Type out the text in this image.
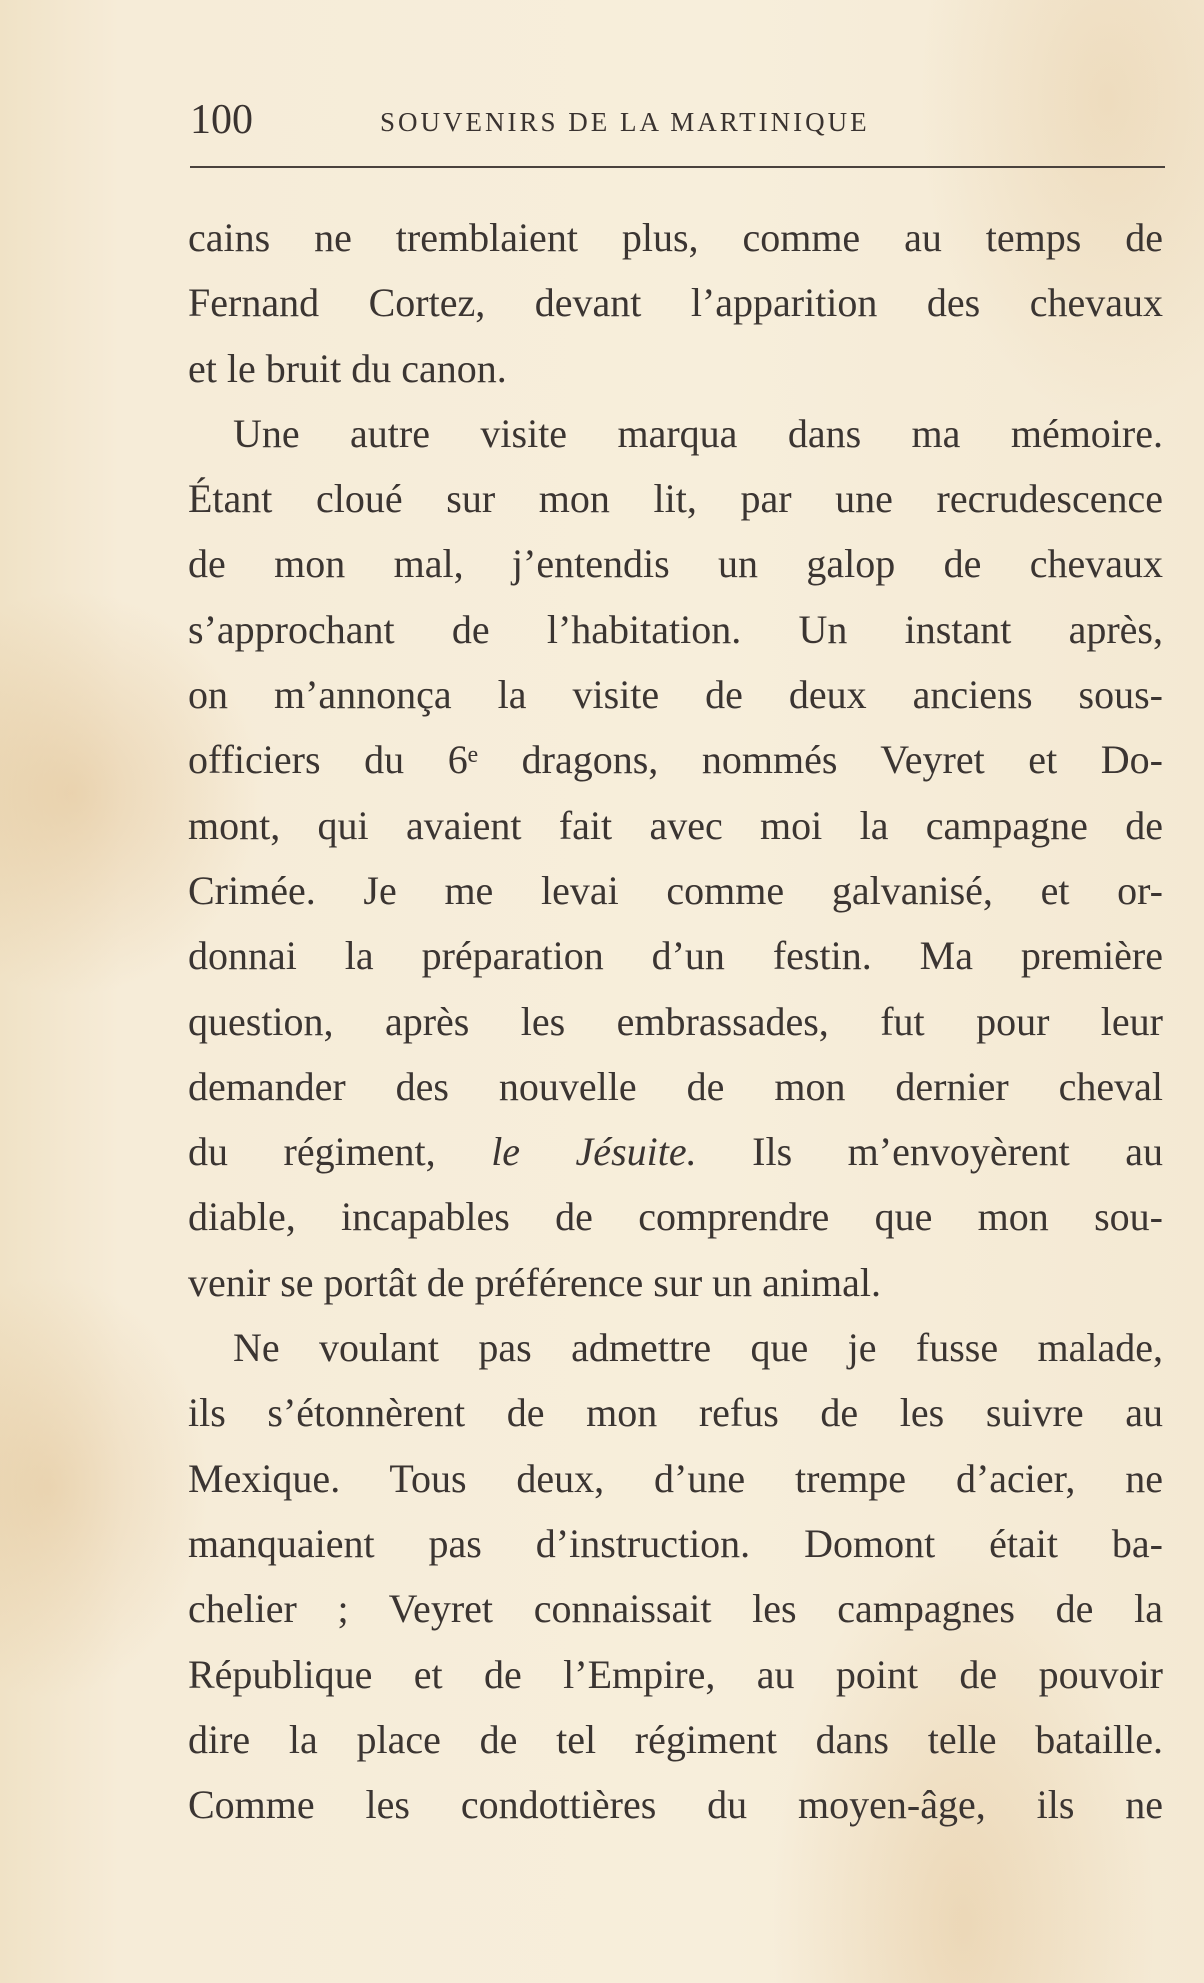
100	SOUVENIRS DE LA MARTINIQUE
cains ne tremblaient plus, comme au temps de
Fernand Cortez, devant l’apparition des chevaux
et le bruit du canon.
Une autre visite marqua dans ma mémoire.
Étant cloué sur mon lit, par une recrudescence
de mon mal, j’entendis un galop de chevaux
s’approchant de l’habitation. Un instant après,
on m’annonça la visite de deux anciens sous-
officiers du 6ᵉ dragons, nommés Veyret et Do-
mont, qui avaient fait avec moi la campagne de
Crimée. Je me levai comme galvanisé, et or-
donnai la préparation d’un festin. Ma première
question, après les embrassades, fut pour leur
demander des nouvelle de mon dernier cheval
du régiment, le Jésuite. Ils m’envoyèrent au
diable, incapables de comprendre que mon sou-
venir se portât de préférence sur un animal.
Ne voulant pas admettre que je fusse malade,
ils s’étonnèrent de mon refus de les suivre au
Mexique. Tous deux, d’une trempe d’acier, ne
manquaient pas d’instruction. Domont était ba-
chelier ; Veyret connaissait les campagnes de la
République et de l’Empire, au point de pouvoir
dire la place de tel régiment dans telle bataille.
Comme les condottières du moyen-âge, ils ne
